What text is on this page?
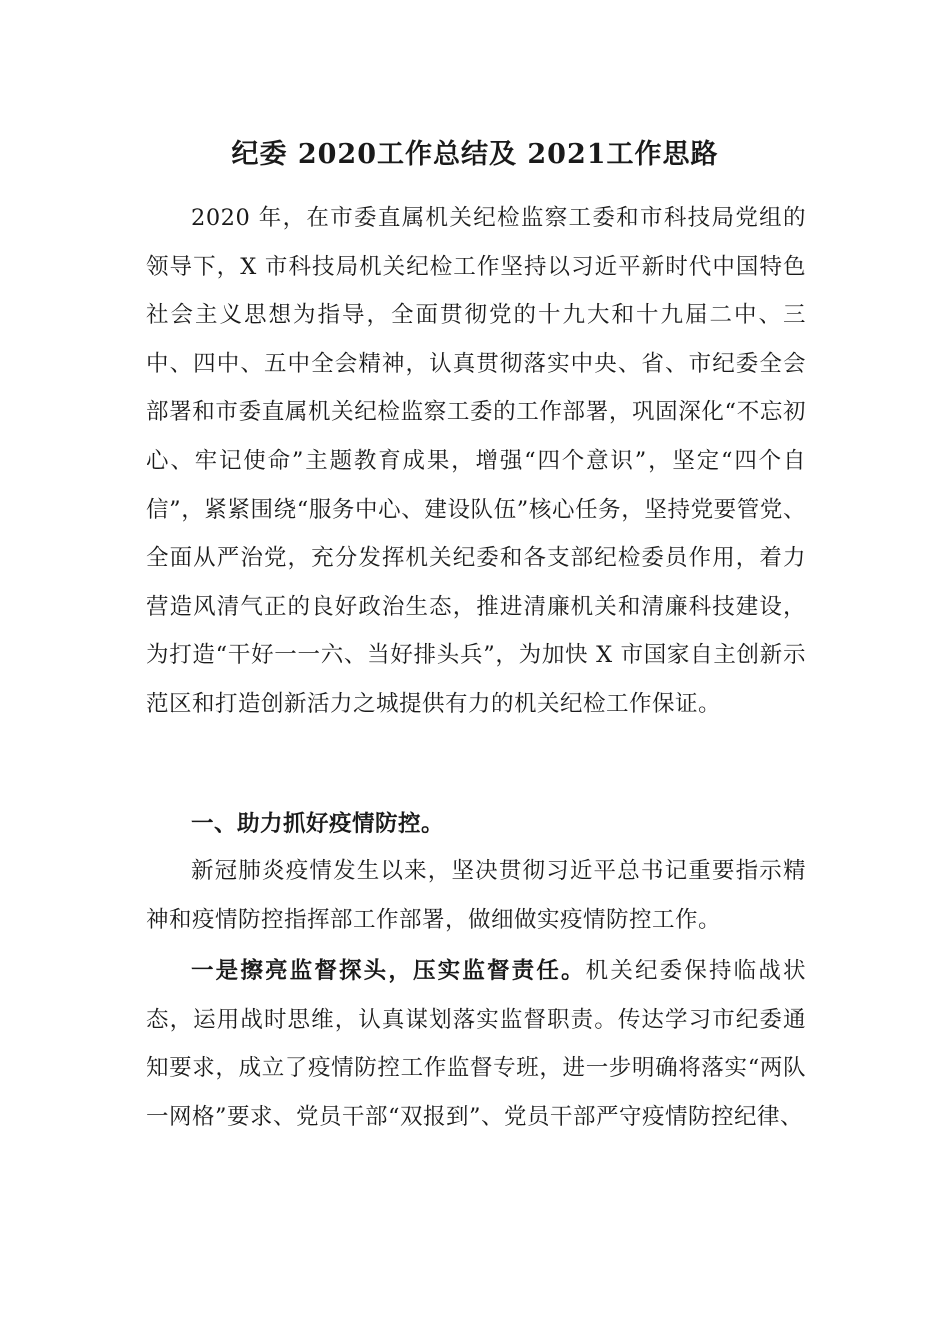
纪委 2020工作总结及 2021工作思路

2020 年，在市委直属机关纪检监察工委和市科技局党组的领导下，X 市科技局机关纪检工作坚持以习近平新时代中国特色社会主义思想为指导，全面贯彻党的十九大和十九届二中、三中、四中、五中全会精神，认真贯彻落实中央、省、市纪委全会部署和市委直属机关纪检监察工委的工作部署，巩固深化“不忘初心、牢记使命”主题教育成果，增强“四个意识”，坚定“四个自信”，紧紧围绕“服务中心、建设队伍”核心任务，坚持党要管党、全面从严治党，充分发挥机关纪委和各支部纪检委员作用，着力营造风清气正的良好政治生态，推进清廉机关和清廉科技建设，为打造“干好一一六、当好排头兵”，为加快 X 市国家自主创新示范区和打造创新活力之城提供有力的机关纪检工作保证。

一、助力抓好疫情防控。

新冠肺炎疫情发生以来，坚决贯彻习近平总书记重要指示精神和疫情防控指挥部工作部署，做细做实疫情防控工作。

一是擦亮监督探头，压实监督责任。机关纪委保持临战状态，运用战时思维，认真谋划落实监督职责。传达学习市纪委通知要求，成立了疫情防控工作监督专班，进一步明确将落实“两队一网格”要求、党员干部“双报到”、党员干部严守疫情防控纪律、
